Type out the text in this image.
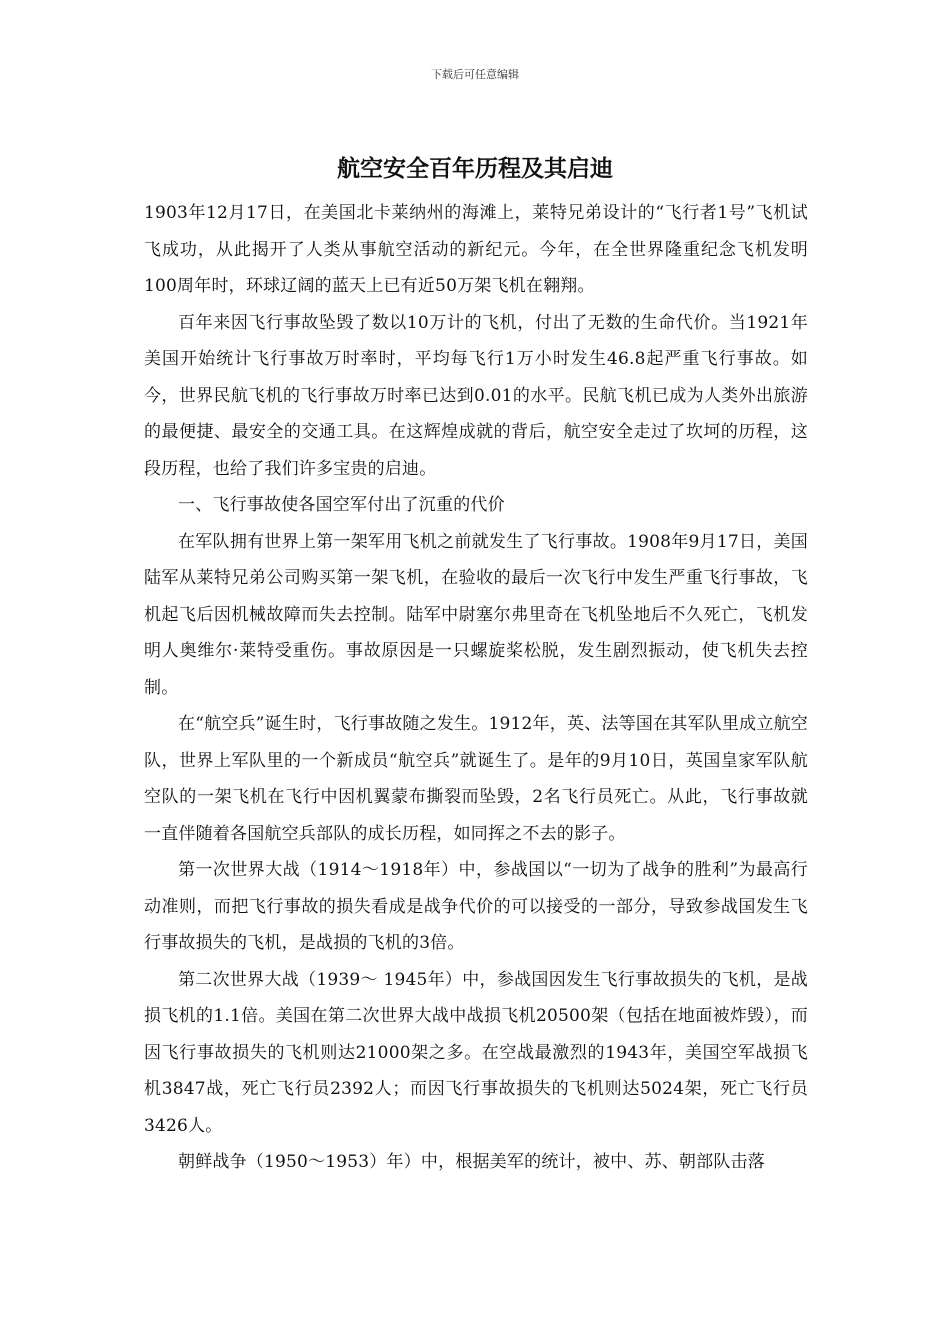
下载后可任意编辑
航空安全百年历程及其启迪

1903年12月17日，在美国北卡莱纳州的海滩上，莱特兄弟设计的“飞行者1号”飞机试飞成功，从此揭开了人类从事航空活动的新纪元。今年，在全世界隆重纪念飞机发明100周年时，环球辽阔的蓝天上已有近50万架飞机在翱翔。

百年来因飞行事故坠毁了数以10万计的飞机，付出了无数的生命代价。当1921年美国开始统计飞行事故万时率时，平均每飞行1万小时发生46.8起严重飞行事故。如今，世界民航飞机的飞行事故万时率已达到0.01的水平。民航飞机已成为人类外出旅游的最便捷、最安全的交通工具。在这辉煌成就的背后，航空安全走过了坎坷的历程，这段历程，也给了我们许多宝贵的启迪。

一、飞行事故使各国空军付出了沉重的代价

在军队拥有世界上第一架军用飞机之前就发生了飞行事故。1908年9月17日，美国陆军从莱特兄弟公司购买第一架飞机，在验收的最后一次飞行中发生严重飞行事故，飞机起飞后因机械故障而失去控制。陆军中尉塞尔弗里奇在飞机坠地后不久死亡，飞机发明人奥维尔·莱特受重伤。事故原因是一只螺旋桨松脱，发生剧烈振动，使飞机失去控制。

在“航空兵”诞生时，飞行事故随之发生。1912年，英、法等国在其军队里成立航空队，世界上军队里的一个新成员“航空兵”就诞生了。是年的9月10日，英国皇家军队航空队的一架飞机在飞行中因机翼蒙布撕裂而坠毁，2名飞行员死亡。从此，飞行事故就一直伴随着各国航空兵部队的成长历程，如同挥之不去的影子。

第一次世界大战（1914～1918年）中，参战国以“一切为了战争的胜利”为最高行动准则，而把飞行事故的损失看成是战争代价的可以接受的一部分，导致参战国发生飞行事故损失的飞机，是战损的飞机的3倍。

第二次世界大战（1939～ 1945年）中，参战国因发生飞行事故损失的飞机，是战损飞机的1.1倍。美国在第二次世界大战中战损飞机20500架（包括在地面被炸毁），而因飞行事故损失的飞机则达21000架之多。在空战最激烈的1943年，美国空军战损飞机3847战，死亡飞行员2392人；而因飞行事故损失的飞机则达5024架，死亡飞行员3426人。

朝鲜战争（1950～1953）年）中，根据美军的统计，被中、苏、朝部队击落
